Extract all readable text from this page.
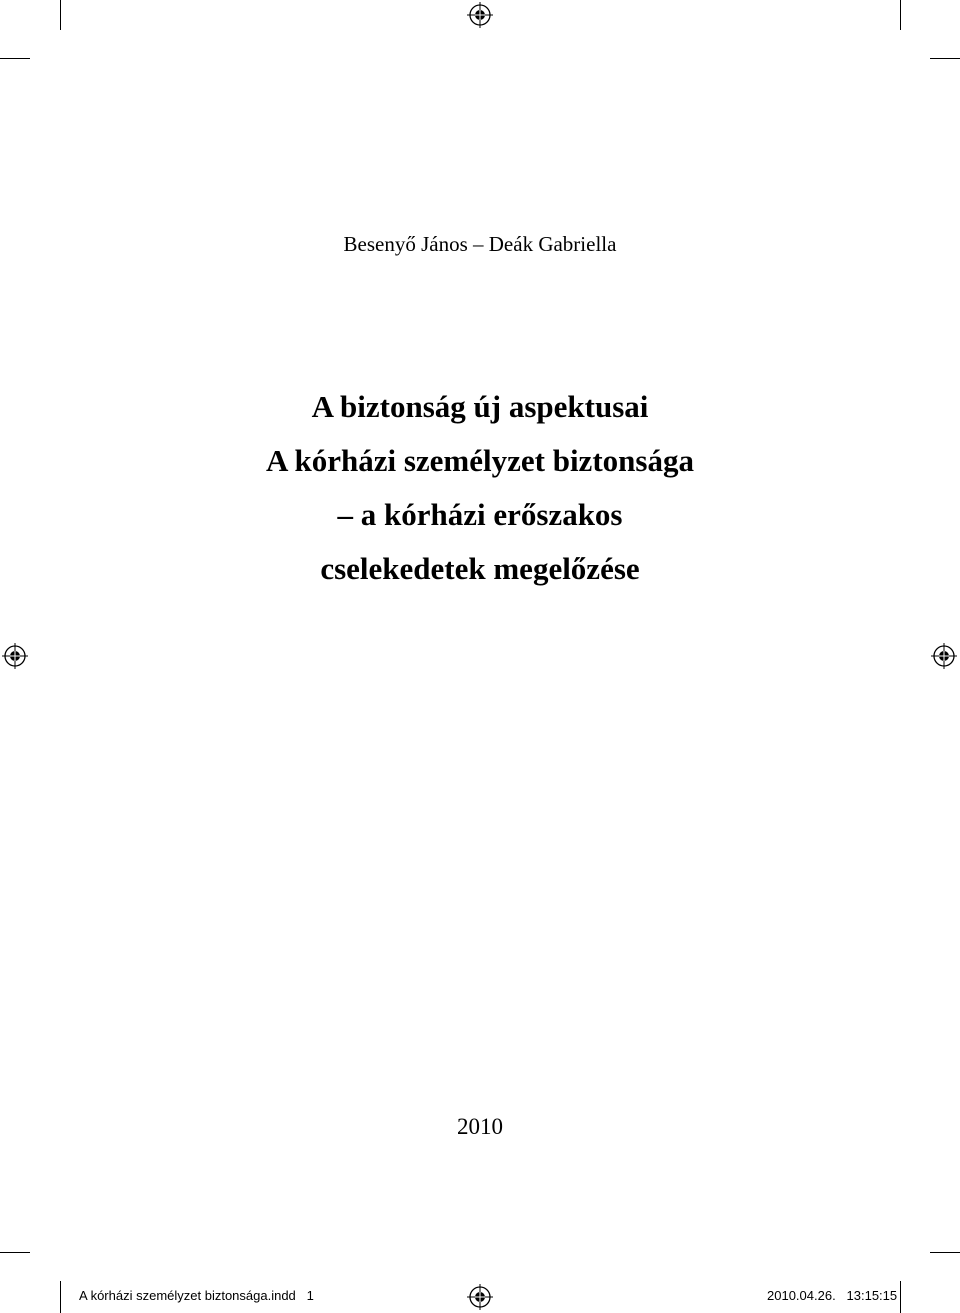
Besenyő János – Deák Gabriella
A biztonság új aspektusai
A kórházi személyzet biztonsága
– a kórházi erőszakos
cselekedetek megelőzése
2010
A kórházi személyzet biztonsága.indd   1	2010.04.26.   13:15:15
